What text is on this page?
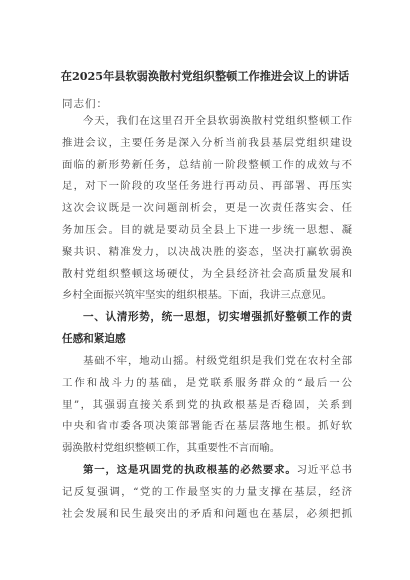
在2025年县软弱涣散村党组织整顿工作推进会议上的讲话
同志们：
今天，我们在这里召开全县软弱涣散村党组织整顿工作
推进会议，主要任务是深入分析当前我县基层党组织建设
面临的新形势新任务，总结前一阶段整顿工作的成效与不
足，对下一阶段的攻坚任务进行再动员、再部署、再压实
这次会议既是一次问题剖析会，更是一次责任落实会、任
务加压会。目的就是要动员全县上下进一步统一思想、凝
聚共识、精准发力，以决战决胜的姿态，坚决打赢软弱涣
散村党组织整顿这场硬仗，为全县经济社会高质量发展和
乡村全面振兴筑牢坚实的组织根基。下面，我讲三点意见。
一、认清形势，统一思想，切实增强抓好整顿工作的责
任感和紧迫感
基础不牢，地动山摇。村级党组织是我们党在农村全部
工作和战斗力的基础，是党联系服务群众的“最后一公
里”，其强弱直接关系到党的执政根基是否稳固，关系到
中央和省市委各项决策部署能否在基层落地生根。抓好软
弱涣散村党组织整顿工作，其重要性不言而喻。
第一，这是巩固党的执政根基的必然要求。习近平总书
记反复强调，“党的工作最坚实的力量支撑在基层，经济
社会发展和民生最突出的矛盾和问题也在基层，必须把抓
